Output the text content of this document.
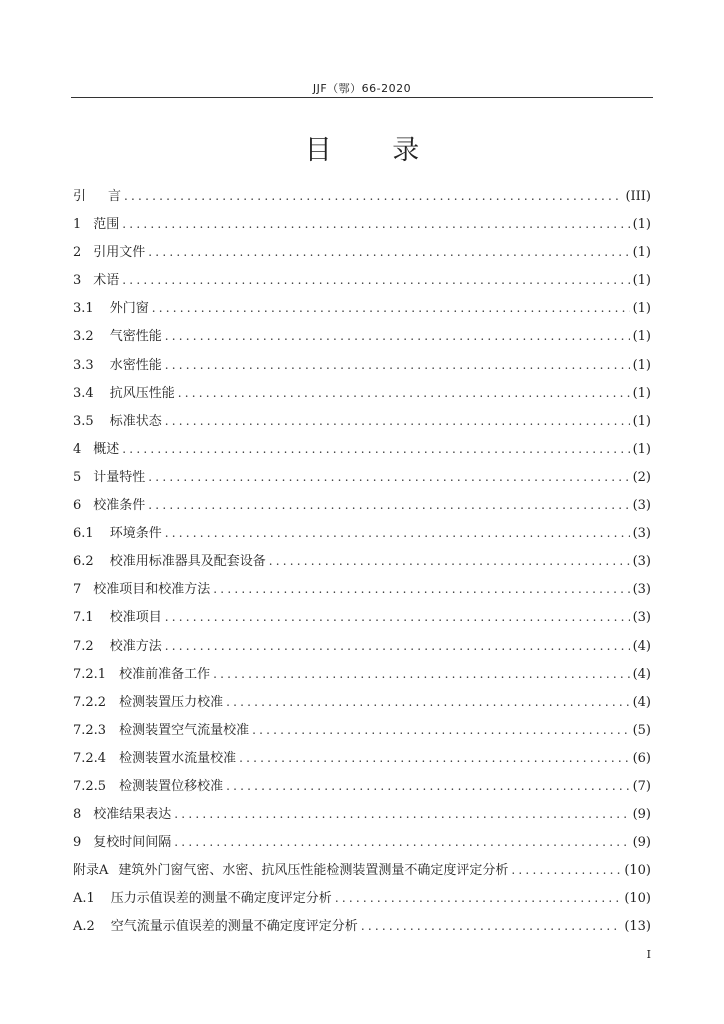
JJF（鄂）66-2020
目 录
引 言 .....	(III)
1 范围 .....	(1)
2 引用文件 .....	(1)
3 术语 .....	(1)
3.1 外门窗 .....	(1)
3.2 气密性能 .....	(1)
3.3 水密性能 .....	(1)
3.4 抗风压性能 .....	(1)
3.5 标准状态 .....	(1)
4 概述 .....	(1)
5 计量特性 .....	(2)
6 校准条件 .....	(3)
6.1 环境条件 .....	(3)
6.2 校准用标准器具及配套设备 .....	(3)
7 校准项目和校准方法 .....	(3)
7.1 校准项目 .....	(3)
7.2 校准方法 .....	(4)
7.2.1 校准前准备工作 .....	(4)
7.2.2 检测装置压力校准 .....	(4)
7.2.3 检测装置空气流量校准 .....	(5)
7.2.4 检测装置水流量校准 .....	(6)
7.2.5 检测装置位移校准 .....	(7)
8 校准结果表达 .....	(9)
9 复校时间间隔 .....	(9)
附录A 建筑外门窗气密、水密、抗风压性能检测装置测量不确定度评定分析 .....	(10)
A.1 压力示值误差的测量不确定度评定分析 .....	(10)
A.2 空气流量示值误差的测量不确定度评定分析 .....	(13)
I
